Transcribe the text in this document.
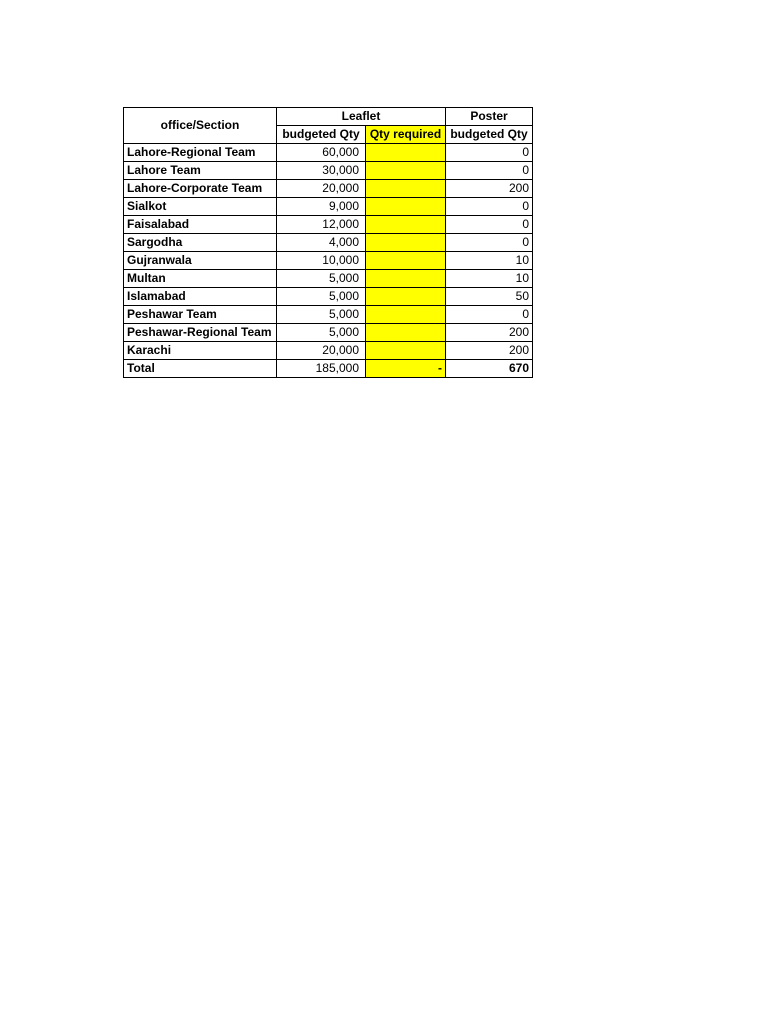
office/Section	Leaflet		Poster
	budgeted Qty	Qty required	budgeted Qty
Lahore-Regional Team	60,000		0
Lahore Team	30,000		0
Lahore-Corporate Team	20,000		200
Sialkot	9,000		0
Faisalabad	12,000		0
Sargodha	4,000		0
Gujranwala	10,000		10
Multan	5,000		10
Islamabad	5,000		50
Peshawar Team	5,000		0
Peshawar-Regional Team	5,000		200
Karachi	20,000		200
Total	185,000	-	670
